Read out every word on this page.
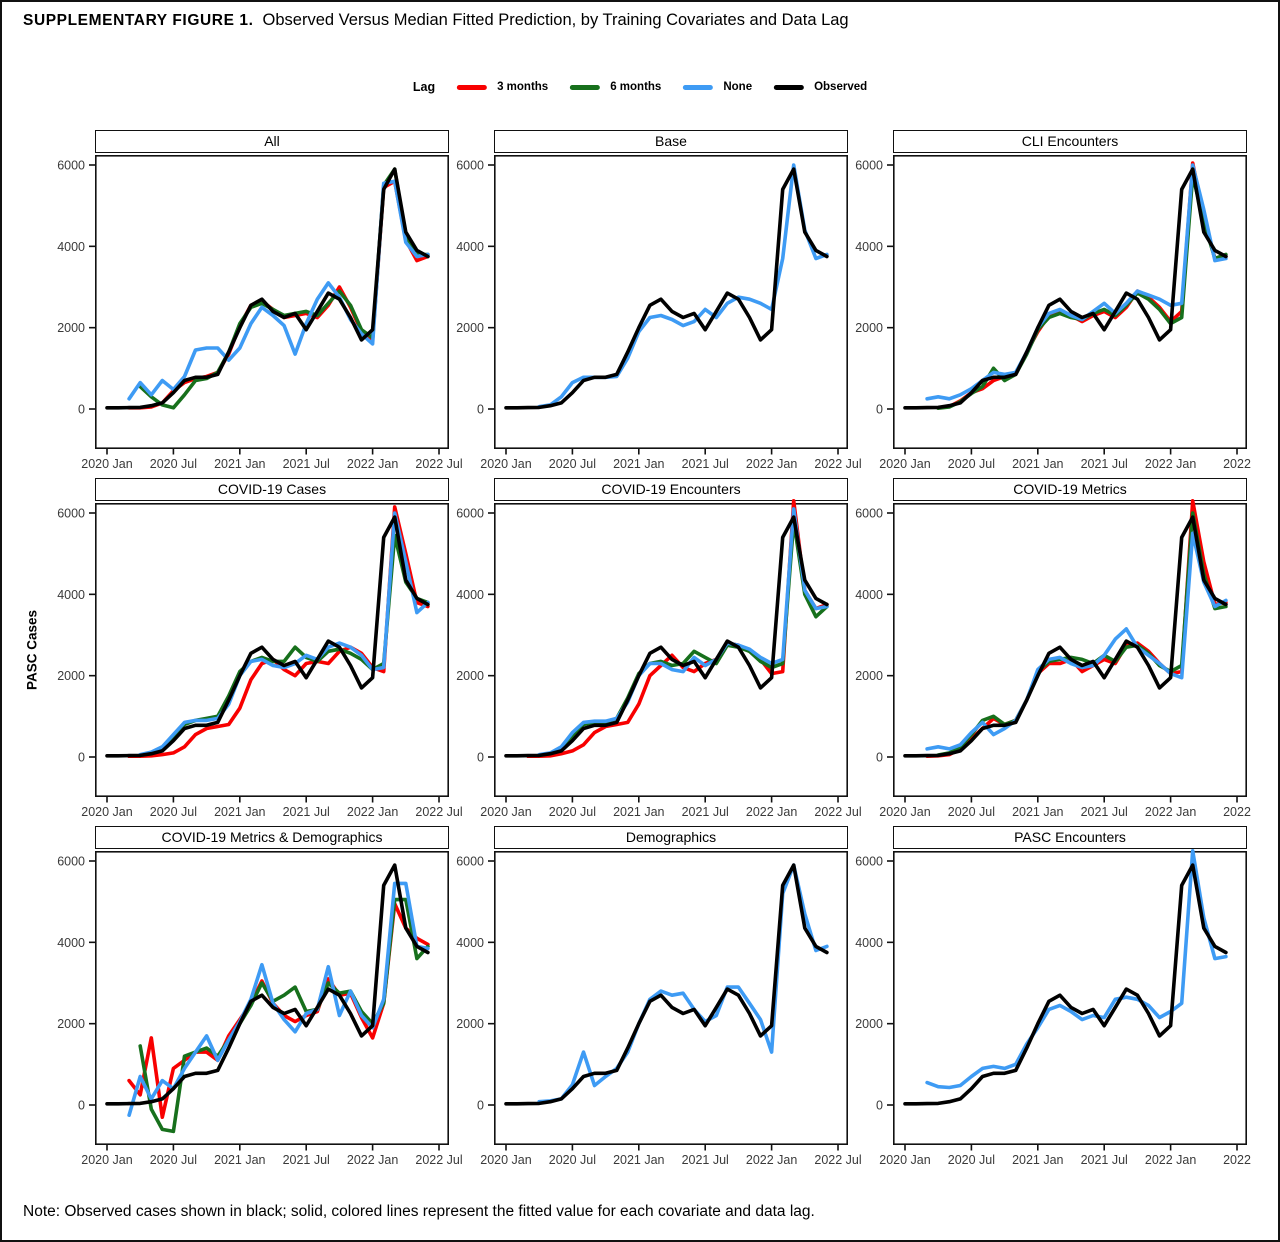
SUPPLEMENTARY FIGURE 1. Observed Versus Median Fitted Prediction, by Training Covariates and Data Lag
Lag	3 months	6 months	None	Observed
PASC Cases
All
0
2000
4000
6000
2020 Jan 2020 Jul 2021 Jan 2021 Jul 2022 Jan 2022 Jul
Base
0
2000
4000
6000
2020 Jan 2020 Jul 2021 Jan 2021 Jul 2022 Jan 2022 Jul
CLI Encounters
0
2000
4000
6000
2020 Jan 2020 Jul 2021 Jan 2021 Jul 2022 Jan 2022
COVID-19 Cases
0
2000
4000
6000
2020 Jan 2020 Jul 2021 Jan 2021 Jul 2022 Jan 2022 Jul
COVID-19 Encounters
0
2000
4000
6000
2020 Jan 2020 Jul 2021 Jan 2021 Jul 2022 Jan 2022 Jul
COVID-19 Metrics
0
2000
4000
6000
2020 Jan 2020 Jul 2021 Jan 2021 Jul 2022 Jan 2022
COVID-19 Metrics & Demographics
0
2000
4000
6000
2020 Jan 2020 Jul 2021 Jan 2021 Jul 2022 Jan 2022 Jul
Demographics
0
2000
4000
6000
2020 Jan 2020 Jul 2021 Jan 2021 Jul 2022 Jan 2022 Jul
PASC Encounters
0
2000
4000
6000
2020 Jan 2020 Jul 2021 Jan 2021 Jul 2022 Jan 2022
Note: Observed cases shown in black; solid, colored lines represent the fitted value for each covariate and data lag.
